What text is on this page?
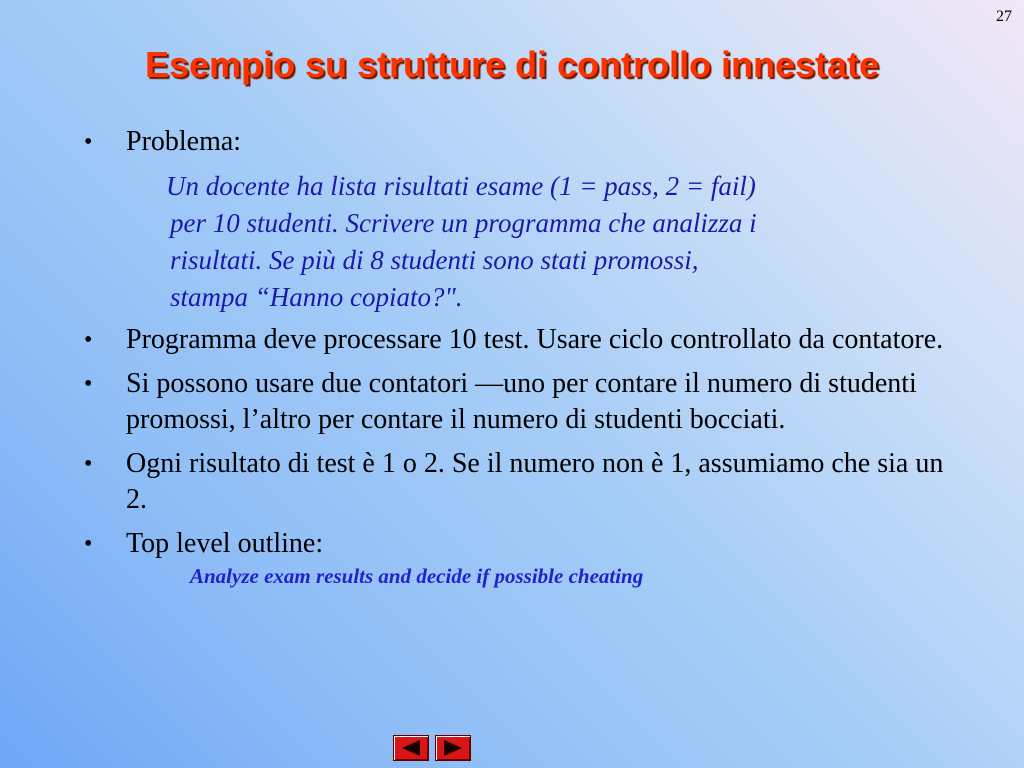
27
Esempio su strutture di controllo innestate
•	Problema:
Un docente ha lista risultati esame (1 = pass, 2 = fail)
per 10 studenti. Scrivere un programma che analizza i
risultati. Se più di 8 studenti sono stati promossi,
stampa “Hanno copiato?".
•	Programma deve processare 10 test. Usare ciclo controllato da contatore.
•	Si possono usare due contatori —uno per contare il numero di studenti promossi, l’altro per contare il numero di studenti bocciati.
•	Ogni risultato di test è 1 o 2. Se il numero non è 1, assumiamo che sia un 2.
•	Top level outline:
Analyze exam results and decide if possible cheating
